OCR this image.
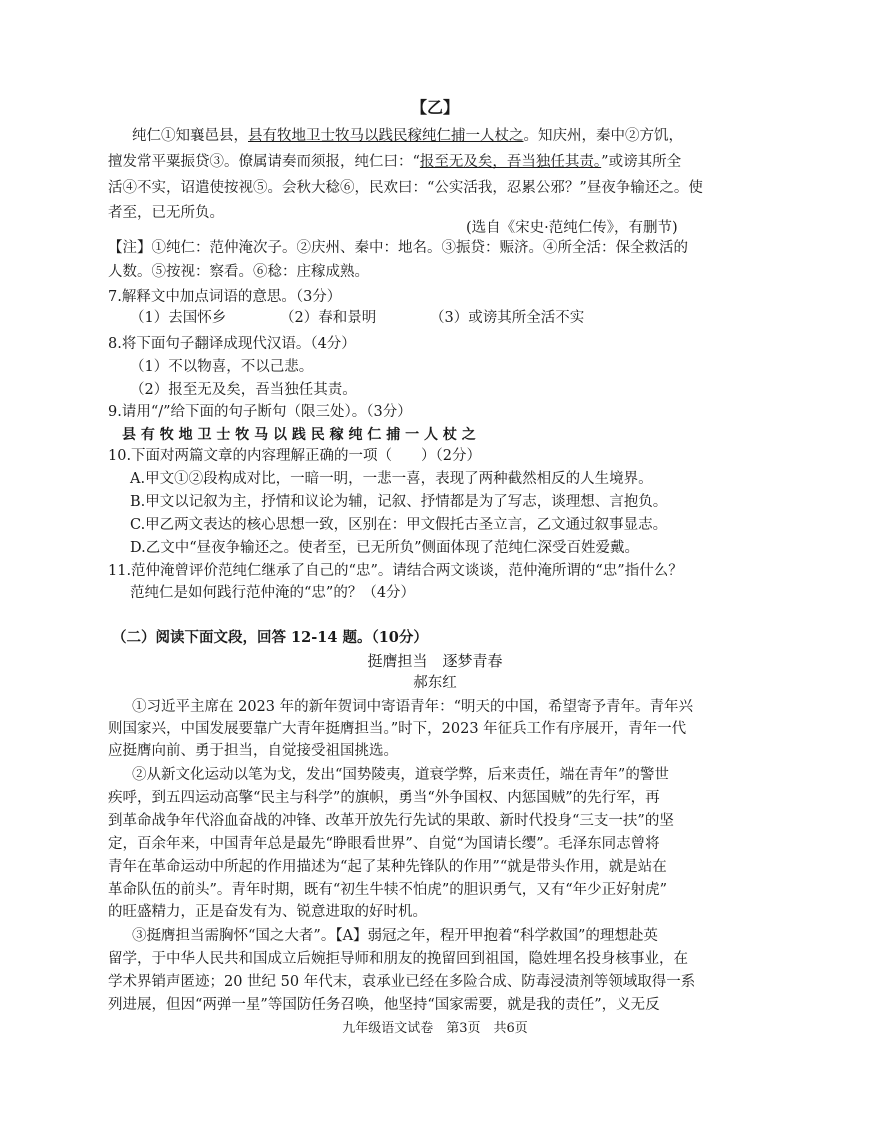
【乙】
纯仁①知襄邑县，县有牧地卫士牧马以践民稼纯仁捕一人杖之。知庆州，秦中②方饥，
擅发常平粟振贷③。僚属请奏而须报，纯仁曰：“报至无及矣，吾当独任其责。”或谤其所全
活④不实，诏遣使按视⑤。会秋大稔⑥，民欢曰：“公实活我，忍累公邪？”昼夜争输还之。使
者至，已无所负。
(选自《宋史·范纯仁传》，有删节)
【注】①纯仁：范仲淹次子。②庆州、秦中：地名。③振贷：赈济。④所全活：保全救活的
人数。⑤按视：察看。⑥稔：庄稼成熟。
7.解释文中加点词语的意思。（3分）
（1）去国怀乡	（2）春和景明	（3）或谤其所全活不实
8.将下面句子翻译成现代汉语。（4分）
（1）不以物喜，不以己悲。
（2）报至无及矣，吾当独任其责。
9.请用“/”给下面的句子断句（限三处）。（3分）
县 有 牧 地 卫 士 牧 马 以 践 民 稼 纯 仁 捕 一 人 杖 之
10.下面对两篇文章的内容理解正确的一项（　　）（2分）
A.甲文①②段构成对比，一暗一明，一悲一喜，表现了两种截然相反的人生境界。
B.甲文以记叙为主，抒情和议论为辅，记叙、抒情都是为了写志，谈理想、言抱负。
C.甲乙两文表达的核心思想一致，区别在：甲文假托古圣立言，乙文通过叙事显志。
D.乙文中“昼夜争输还之。使者至，已无所负”侧面体现了范纯仁深受百姓爱戴。
11.范仲淹曾评价范纯仁继承了自己的“忠”。请结合两文谈谈，范仲淹所谓的“忠”指什么？
范纯仁是如何践行范仲淹的“忠”的？（4分）
（二）阅读下面文段，回答 12-14 题。（10分）
挺膺担当　逐梦青春
郝东红
①习近平主席在 2023 年的新年贺词中寄语青年：“明天的中国，希望寄予青年。青年兴
则国家兴，中国发展要靠广大青年挺膺担当。”时下，2023 年征兵工作有序展开，青年一代
应挺膺向前、勇于担当，自觉接受祖国挑选。
②从新文化运动以笔为戈，发出“国势陵夷，道衰学弊，后来责任，端在青年”的警世
疾呼，到五四运动高擎“民主与科学”的旗帜，勇当“外争国权、内惩国贼”的先行军，再
到革命战争年代浴血奋战的冲锋、改革开放先行先试的果敢、新时代投身“三支一扶”的坚
定，百余年来，中国青年总是最先“睁眼看世界”、自觉“为国请长缨”。毛泽东同志曾将
青年在革命运动中所起的作用描述为“起了某种先锋队的作用”“就是带头作用，就是站在
革命队伍的前头”。青年时期，既有“初生牛犊不怕虎”的胆识勇气，又有“年少正好射虎”
的旺盛精力，正是奋发有为、锐意进取的好时机。
③挺膺担当需胸怀“国之大者”。【A】弱冠之年，程开甲抱着“科学救国”的理想赴英
留学，于中华人民共和国成立后婉拒导师和朋友的挽留回到祖国，隐姓埋名投身核事业，在
学术界销声匿迹；20 世纪 50 年代末，袁承业已经在多险合成、防毒浸渍剂等领域取得一系
列进展，但因“两弹一星”等国防任务召唤，他坚持“国家需要，就是我的责任”，义无反
九年级语文试卷　第3页　共6页
